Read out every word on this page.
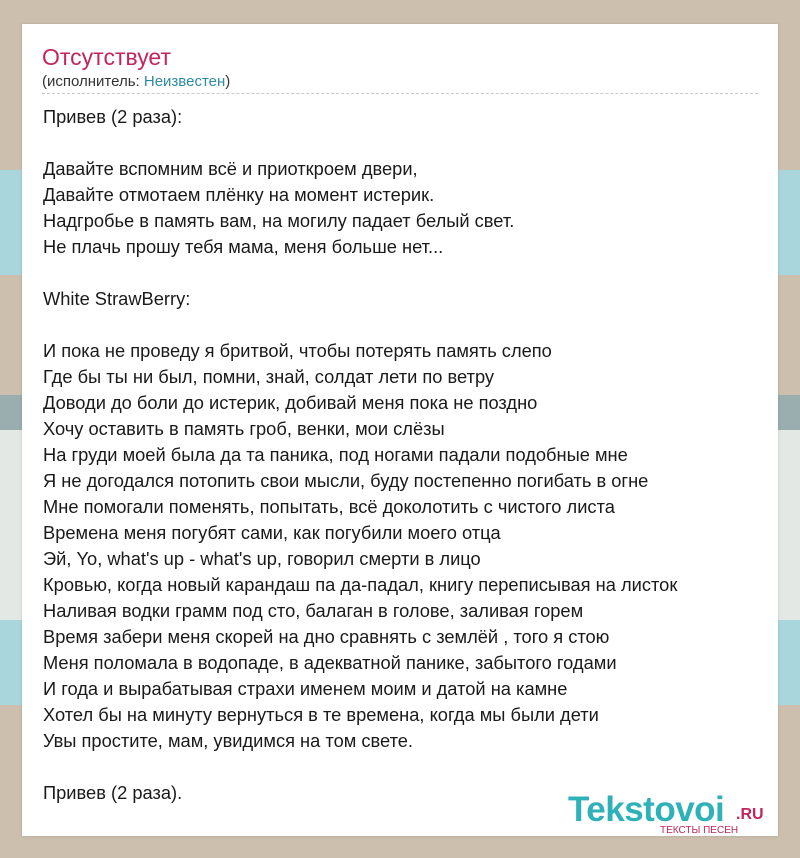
Отсутствует
(исполнитель: Неизвестен)
Привев (2 раза):
Давайте вспомним всё и приоткроем двери,
Давайте отмотаем плёнку на момент истерик.
Надгробье в память вам, на могилу падает белый свет.
Не плачь прошу тебя мама, меня больше нет...
White StrawBerry:
И пока не проведу я бритвой, чтобы потерять память слепо
Где бы ты ни был, помни, знай, солдат лети по ветру
Доводи до боли до истерик, добивай меня пока не поздно
Хочу оставить в память гроб, венки, мои слёзы
На груди моей была да та паника, под ногами падали подобные мне
Я не догодался потопить свои мысли, буду постепенно погибать в огне
Мне помогали поменять, попытать, всё доколотить с чистого листа
Времена меня погубят сами, как погубили моего отца
Эй, Yo, what's up - what's up, говорил смерти в лицо
Кровью, когда новый карандаш па да-падал, книгу переписывая на листок
Наливая водки грамм под сто, балаган в голове, заливая горем
Время забери меня скорей на дно сравнять с землёй , того я стою
Меня поломала в водопаде, в адекватной панике, забытого годами
И года и вырабатывая страхи именем моим и датой на камне
Хотел бы на минуту вернуться в те времена, когда мы были дети
Увы простите, мам, увидимся на том свете.
Привев (2 раза).	Tekstovoi .RU
ТЕКСТЫ ПЕСЕН
